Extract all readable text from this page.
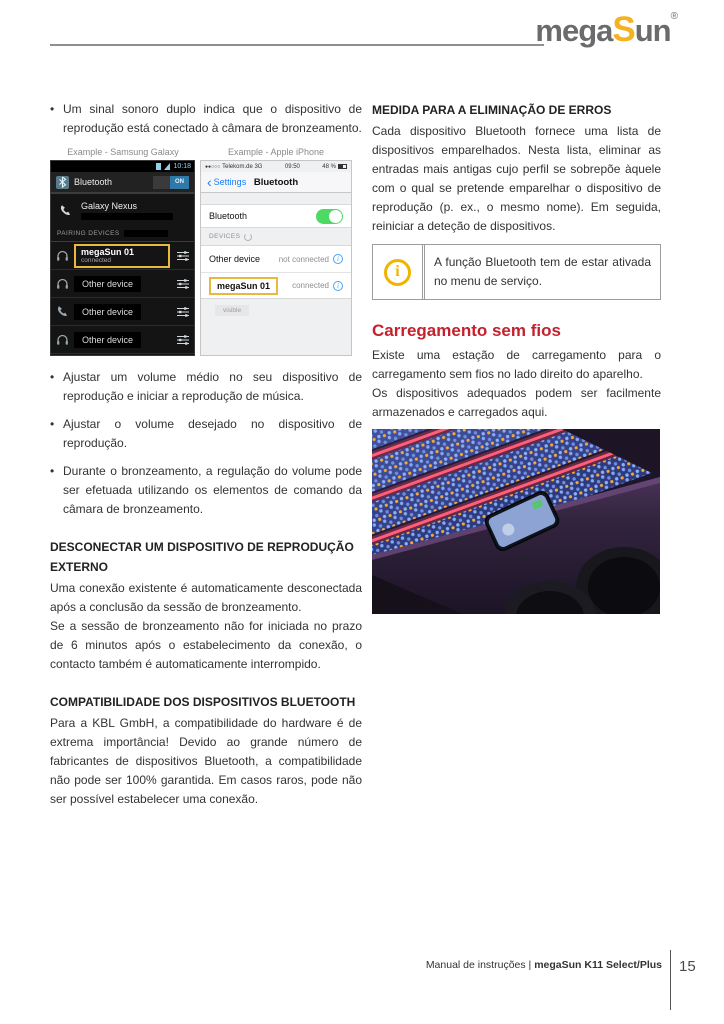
megaSun®
• Um sinal sonoro duplo indica que o dispositivo de reprodução está conectado à câmara de bronzeamento.
Example - Samsung Galaxy	Example - Apple iPhone
10:18
Bluetooth	ON
Galaxy Nexus
PAIRING DEVICES
megaSun 01
connected
Other device
Other device
Other device
●●○○○ Telekom.de 3G	09:50	48 %
Bluetooth
‹ Settings
Bluetooth
DEVICES
Other device not connected	i
megaSun 01	connected	i
visible
• Ajustar um volume médio no seu dispositivo de reprodução e iniciar a reprodução de música.
• Ajustar o volume desejado no dispositivo de reprodução.
• Durante o bronzeamento, a regulação do volume pode ser efetuada utilizando os elementos de comando da câmara de bronzeamento.
DESCONECTAR UM DISPOSITIVO DE REPRODUÇÃO EXTERNO

Uma conexão existente é automaticamente desconectada após a conclusão da sessão de bronzeamento.

Se a sessão de bronzeamento não for iniciada no prazo de 6 minutos após o estabelecimento da conexão, o contacto também é automaticamente interrompido.

COMPATIBILIDADE DOS DISPOSITIVOS BLUETOOTH

Para a KBL GmbH, a compatibilidade do hardware é de extrema importância! Devido ao grande número de fabricantes de dispositivos Bluetooth, a compatibilidade não pode ser 100% garantida. Em casos raros, pode não ser possível estabelecer uma conexão.

MEDIDA PARA A ELIMINAÇÃO DE ERROS

Cada dispositivo Bluetooth fornece uma lista de dispositivos emparelhados. Nesta lista, eliminar as entradas mais antigas cujo perfil se sobrepõe àquele com o qual se pretende emparelhar o dispositivo de reprodução (p. ex., o mesmo nome). Em seguida, reiniciar a deteção de dispositivos.

i
A função Bluetooth tem de estar ativada no menu de serviço.
Carregamento sem fios

Existe uma estação de carregamento para o carregamento sem fios no lado direito do aparelho.

Os dispositivos adequados podem ser facilmente armazenados e carregados aqui.

Manual de instruções | megaSun K11 Select/Plus 15
